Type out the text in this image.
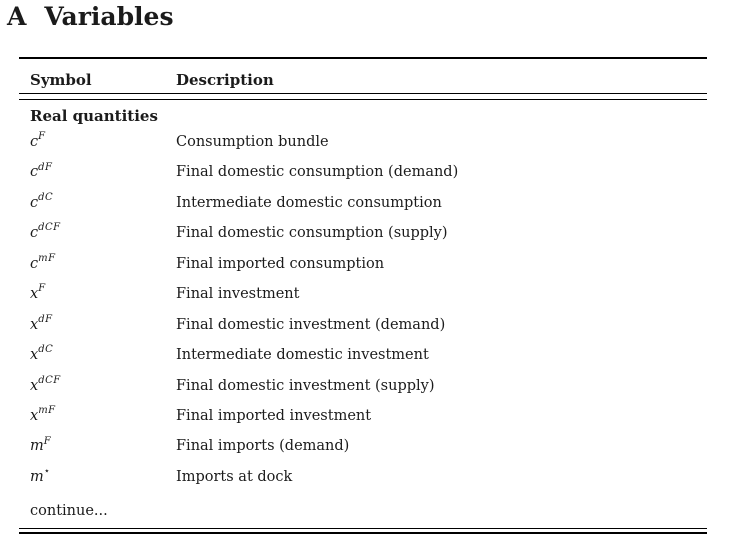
A Variables
Symbol	Description
Real quantities
$c^F$	Consumption bundle
$c^{dF}$	Final domestic consumption (demand)
$c^{dC}$	Intermediate domestic consumption
$c^{dCF}$	Final domestic consumption (supply)
$c^{mF}$	Final imported consumption
$x^F$	Final investment
$x^{dF}$	Final domestic investment (demand)
$x^{dC}$	Intermediate domestic investment
$x^{dCF}$	Final domestic investment (supply)
$x^{mF}$	Final imported investment
$m^F$	Final imports (demand)
m⋆	Imports at dock
continue...
